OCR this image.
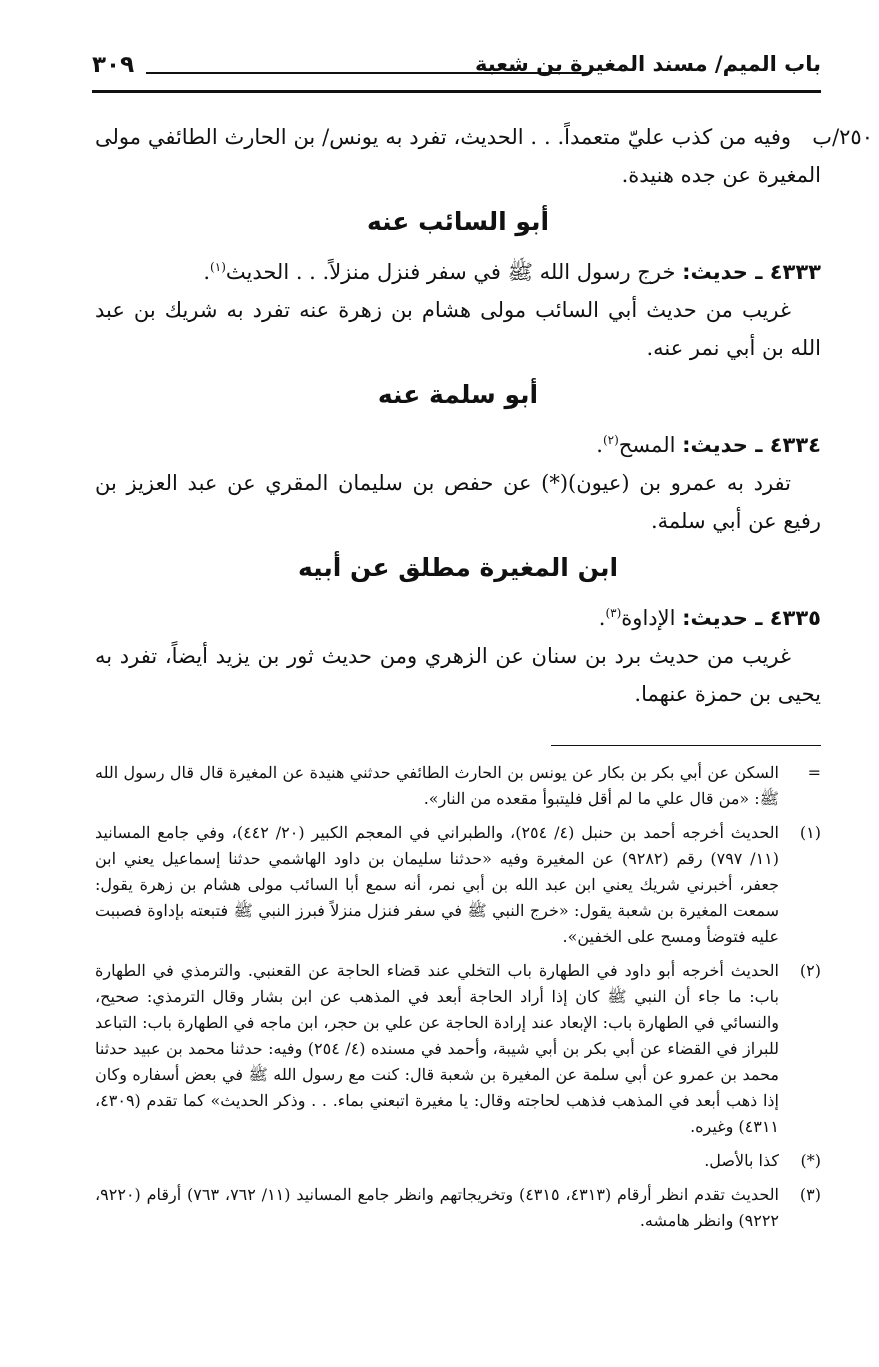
باب الميم/ مسند المغيرة بن شعبة
٣٠٩
٢٥٠/ب

وفيه من كذب عليّ متعمداً. . . الحديث، تفرد به يونس/ بن الحارث الطائفي مولى المغيرة عن جده هنيدة.

أبو السائب عنه

٤٣٣٣ ـ حديث: خرج رسول الله ﷺ في سفر فنزل منزلاً. . . الحديث$^{(١)}$.

غريب من حديث أبي السائب مولى هشام بن زهرة عنه تفرد به شريك بن عبد الله بن أبي نمر عنه.

أبو سلمة عنه

٤٣٣٤ ـ حديث: المسح$^{(٢)}$.

تفرد به عمرو بن (عيون)(*) عن حفص بن سليمان المقري عن عبد العزيز بن رفيع عن أبي سلمة.

ابن المغيرة مطلق عن أبيه

٤٣٣٥ ـ حديث: الإداوة$^{(٣)}$.

غريب من حديث برد بن سنان عن الزهري ومن حديث ثور بن يزيد أيضاً، تفرد به يحيى بن حمزة عنهما.

=
السكن عن أبي بكر بن بكار عن يونس بن الحارث الطائفي حدثني هنيدة عن المغيرة قال قال رسول الله ﷺ: «من قال علي ما لم أقل فليتبوأ مقعده من النار».
(١)
الحديث أخرجه أحمد بن حنبل (٤/ ٢٥٤)، والطبراني في المعجم الكبير (٢٠/ ٤٤٢)، وفي جامع المسانيد (١١/ ٧٩٧) رقم (٩٢٨٢) عن المغيرة وفيه «حدثنا سليمان بن داود الهاشمي حدثنا إسماعيل يعني ابن جعفر، أخبرني شريك يعني ابن عبد الله بن أبي نمر، أنه سمع أبا السائب مولى هشام بن زهرة يقول: سمعت المغيرة بن شعبة يقول: «خرج النبي ﷺ في سفر فنزل منزلاً فبرز النبي ﷺ فتبعته بإداوة فصببت عليه فتوضأ ومسح على الخفين».
(٢)
الحديث أخرجه أبو داود في الطهارة باب التخلي عند قضاء الحاجة عن القعنبي. والترمذي في الطهارة باب: ما جاء أن النبي ﷺ كان إذا أراد الحاجة أبعد في المذهب عن ابن بشار وقال الترمذي: صحيح، والنسائي في الطهارة باب: الإبعاد عند إرادة الحاجة عن علي بن حجر، ابن ماجه في الطهارة باب: التباعد للبراز في القضاء عن أبي بكر بن أبي شيبة، وأحمد في مسنده (٤/ ٢٥٤) وفيه: حدثنا محمد بن عبيد حدثنا محمد بن عمرو عن أبي سلمة عن المغيرة بن شعبة قال: كنت مع رسول الله ﷺ في بعض أسفاره وكان إذا ذهب أبعد في المذهب فذهب لحاجته وقال: يا مغيرة اتبعني بماء. . . وذكر الحديث» كما تقدم (٤٣٠٩، ٤٣١١) وغيره.
(*)
كذا بالأصل.
(٣)
الحديث تقدم انظر أرقام (٤٣١٣، ٤٣١٥) وتخريجاتهم وانظر جامع المسانيد (١١/ ٧٦٢، ٧٦٣) أرقام (٩٢٢٠، ٩٢٢٢) وانظر هامشه.
